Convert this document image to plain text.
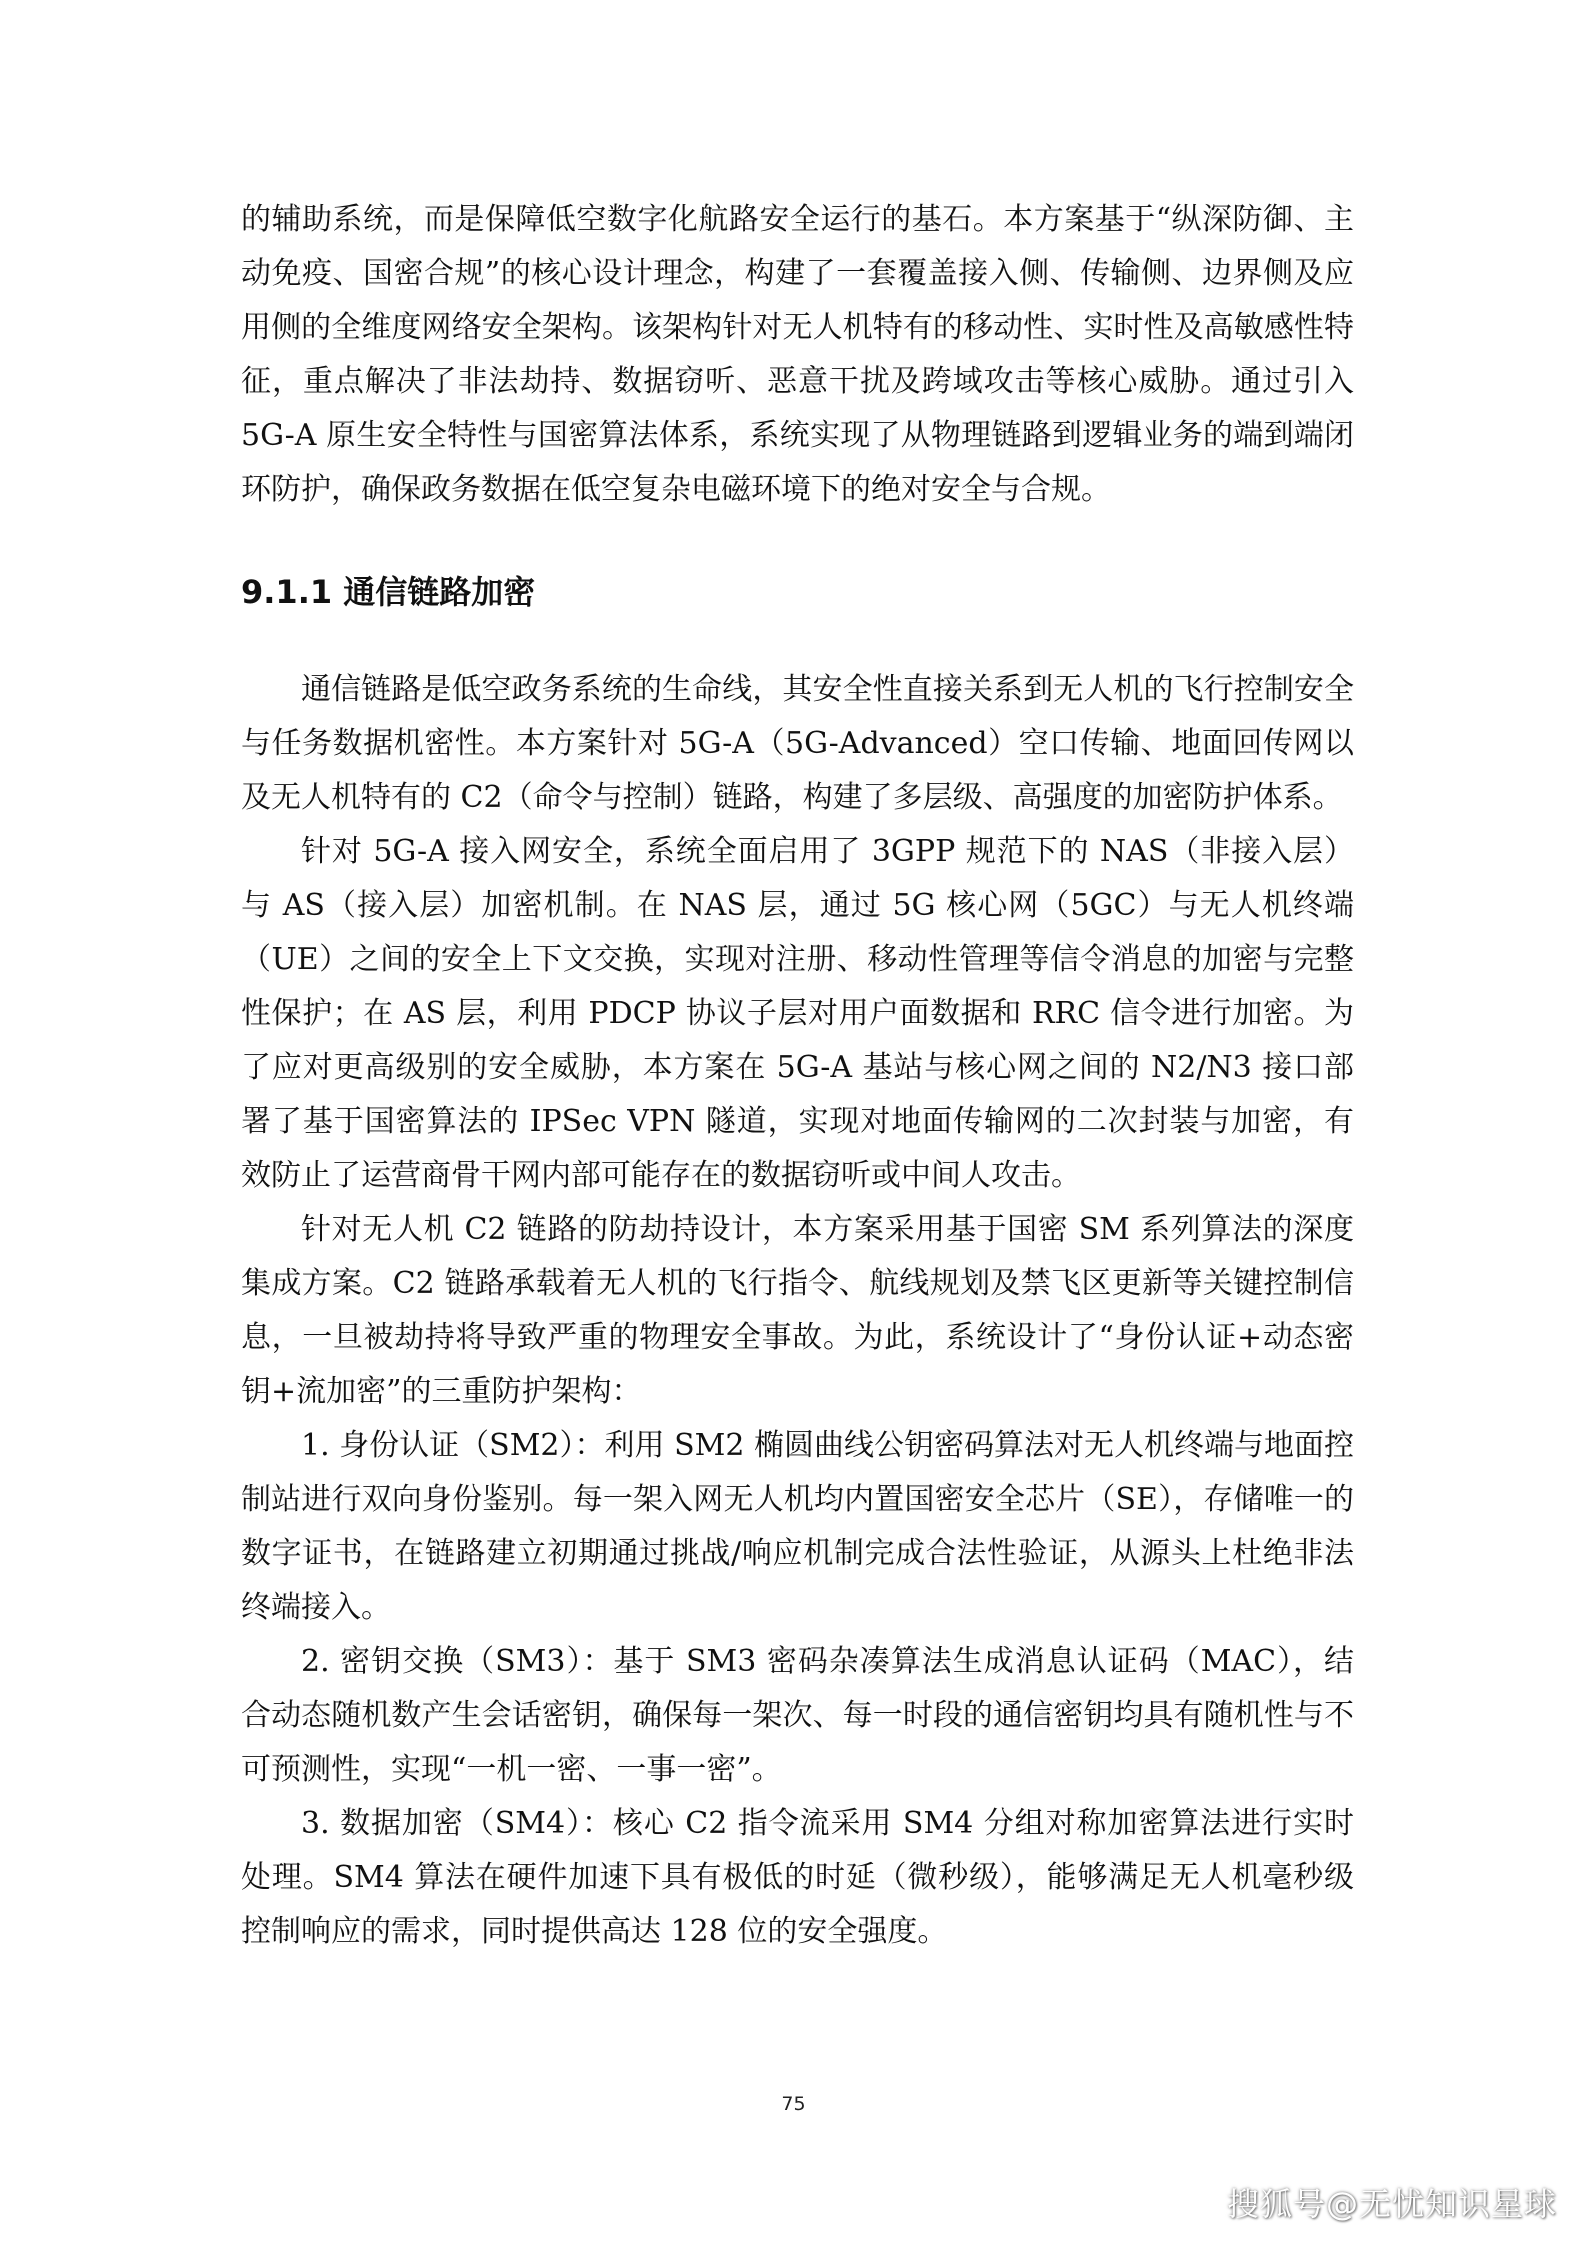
的辅助系统，而是保障低空数字化航路安全运行的基石。本方案基于“纵深防御、主动免疫、国密合规”的核心设计理念，构建了一套覆盖接入侧、传输侧、边界侧及应用侧的全维度网络安全架构。该架构针对无人机特有的移动性、实时性及高敏感性特征，重点解决了非法劫持、数据窃听、恶意干扰及跨域攻击等核心威胁。通过引入 5G-A 原生安全特性与国密算法体系，系统实现了从物理链路到逻辑业务的端到端闭环防护，确保政务数据在低空复杂电磁环境下的绝对安全与合规。

9.1.1 通信链路加密

通信链路是低空政务系统的生命线，其安全性直接关系到无人机的飞行控制安全与任务数据机密性。本方案针对 5G-A（5G-Advanced）空口传输、地面回传网以及无人机特有的 C2（命令与控制）链路，构建了多层级、高强度的加密防护体系。

针对 5G-A 接入网安全，系统全面启用了 3GPP 规范下的 NAS（非接入层）与 AS（接入层）加密机制。在 NAS 层，通过 5G 核心网（5GC）与无人机终端（UE）之间的安全上下文交换，实现对注册、移动性管理等信令消息的加密与完整性保护；在 AS 层，利用 PDCP 协议子层对用户面数据和 RRC 信令进行加密。为了应对更高级别的安全威胁，本方案在 5G-A 基站与核心网之间的 N2/N3 接口部署了基于国密算法的 IPSec VPN 隧道，实现对地面传输网的二次封装与加密，有效防止了运营商骨干网内部可能存在的数据窃听或中间人攻击。

针对无人机 C2 链路的防劫持设计，本方案采用基于国密 SM 系列算法的深度集成方案。C2 链路承载着无人机的飞行指令、航线规划及禁飞区更新等关键控制信息，一旦被劫持将导致严重的物理安全事故。为此，系统设计了“身份认证+动态密钥+流加密”的三重防护架构：

1. 身份认证（SM2）：利用 SM2 椭圆曲线公钥密码算法对无人机终端与地面控制站进行双向身份鉴别。每一架入网无人机均内置国密安全芯片（SE），存储唯一的数字证书，在链路建立初期通过挑战/响应机制完成合法性验证，从源头上杜绝非法终端接入。

2. 密钥交换（SM3）：基于 SM3 密码杂凑算法生成消息认证码（MAC），结合动态随机数产生会话密钥，确保每一架次、每一时段的通信密钥均具有随机性与不可预测性，实现“一机一密、一事一密”。

3. 数据加密（SM4）：核心 C2 指令流采用 SM4 分组对称加密算法进行实时处理。SM4 算法在硬件加速下具有极低的时延（微秒级），能够满足无人机毫秒级控制响应的需求，同时提供高达 128 位的安全强度。

75
搜狐号@无忧知识星球
